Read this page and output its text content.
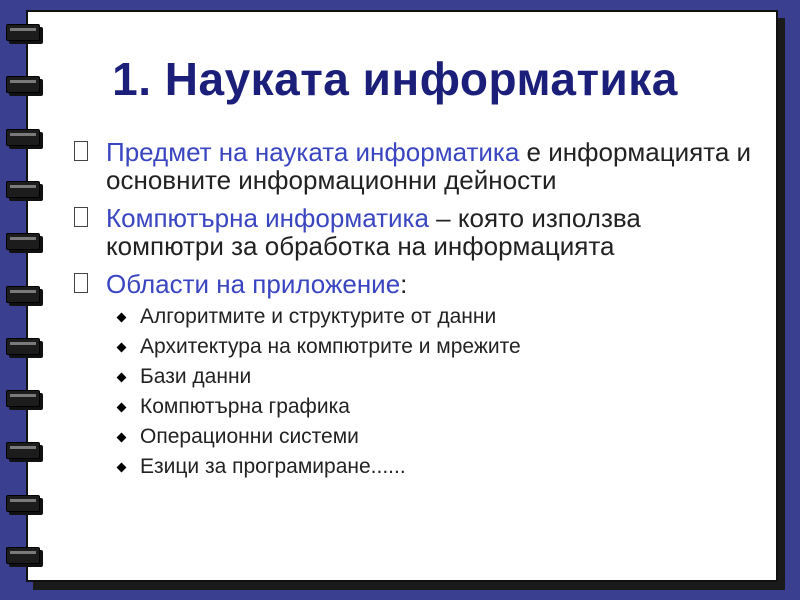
1. Науката информатика
Предмет на науката информатика е информацията и основните информационни дейности
Компютърна информатика – която използва компютри за обработка на информацията
Области на приложение:
Алгоритмите и структурите от данни
Архитектура на компютрите и мрежите
Бази данни
Компютърна графика
Операционни системи
Езици за програмиране......
